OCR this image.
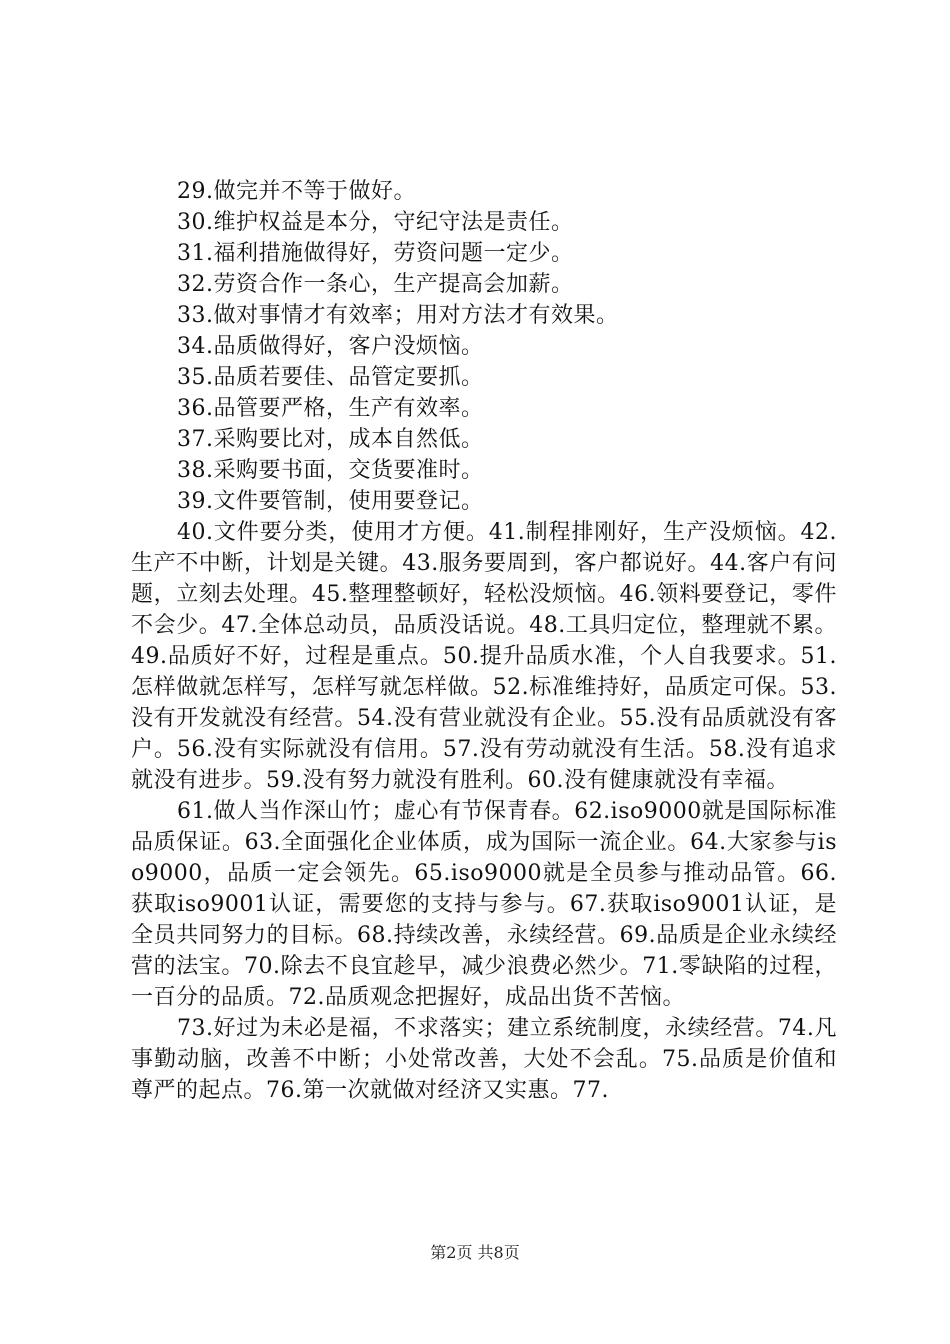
29.做完并不等于做好。
30.维护权益是本分，守纪守法是责任。
31.福利措施做得好，劳资问题一定少。
32.劳资合作一条心，生产提高会加薪。
33.做对事情才有效率；用对方法才有效果。
34.品质做得好，客户没烦恼。
35.品质若要佳、品管定要抓。
36.品管要严格，生产有效率。
37.采购要比对，成本自然低。
38.采购要书面，交货要准时。
39.文件要管制，使用要登记。

40.文件要分类，使用才方便。41.制程排刚好，生产没烦恼。42.生产不中断，计划是关键。43.服务要周到，客户都说好。44.客户有问题，立刻去处理。45.整理整顿好，轻松没烦恼。46.领料要登记，零件不会少。47.全体总动员，品质没话说。48.工具归定位，整理就不累。49.品质好不好，过程是重点。50.提升品质水准，个人自我要求。51.怎样做就怎样写，怎样写就怎样做。52.标准维持好，品质定可保。53.没有开发就没有经营。54.没有营业就没有企业。55.没有品质就没有客户。56.没有实际就没有信用。57.没有劳动就没有生活。58.没有追求就没有进步。59.没有努力就没有胜利。60.没有健康就没有幸福。

61.做人当作深山竹；虚心有节保青春。62.iso9000就是国际标准品质保证。63.全面强化企业体质，成为国际一流企业。64.大家参与iso9000，品质一定会领先。65.iso9000就是全员参与推动品管。66.获取iso9001认证，需要您的支持与参与。67.获取iso9001认证，是全员共同努力的目标。68.持续改善，永续经营。69.品质是企业永续经营的法宝。70.除去不良宜趁早，减少浪费必然少。71.零缺陷的过程，一百分的品质。72.品质观念把握好，成品出货不苦恼。

73.好过为未必是福，不求落实；建立系统制度，永续经营。74.凡事勤动脑，改善不中断；小处常改善，大处不会乱。75.品质是价值和尊严的起点。76.第一次就做对经济又实惠。77.

第2页 共8页
